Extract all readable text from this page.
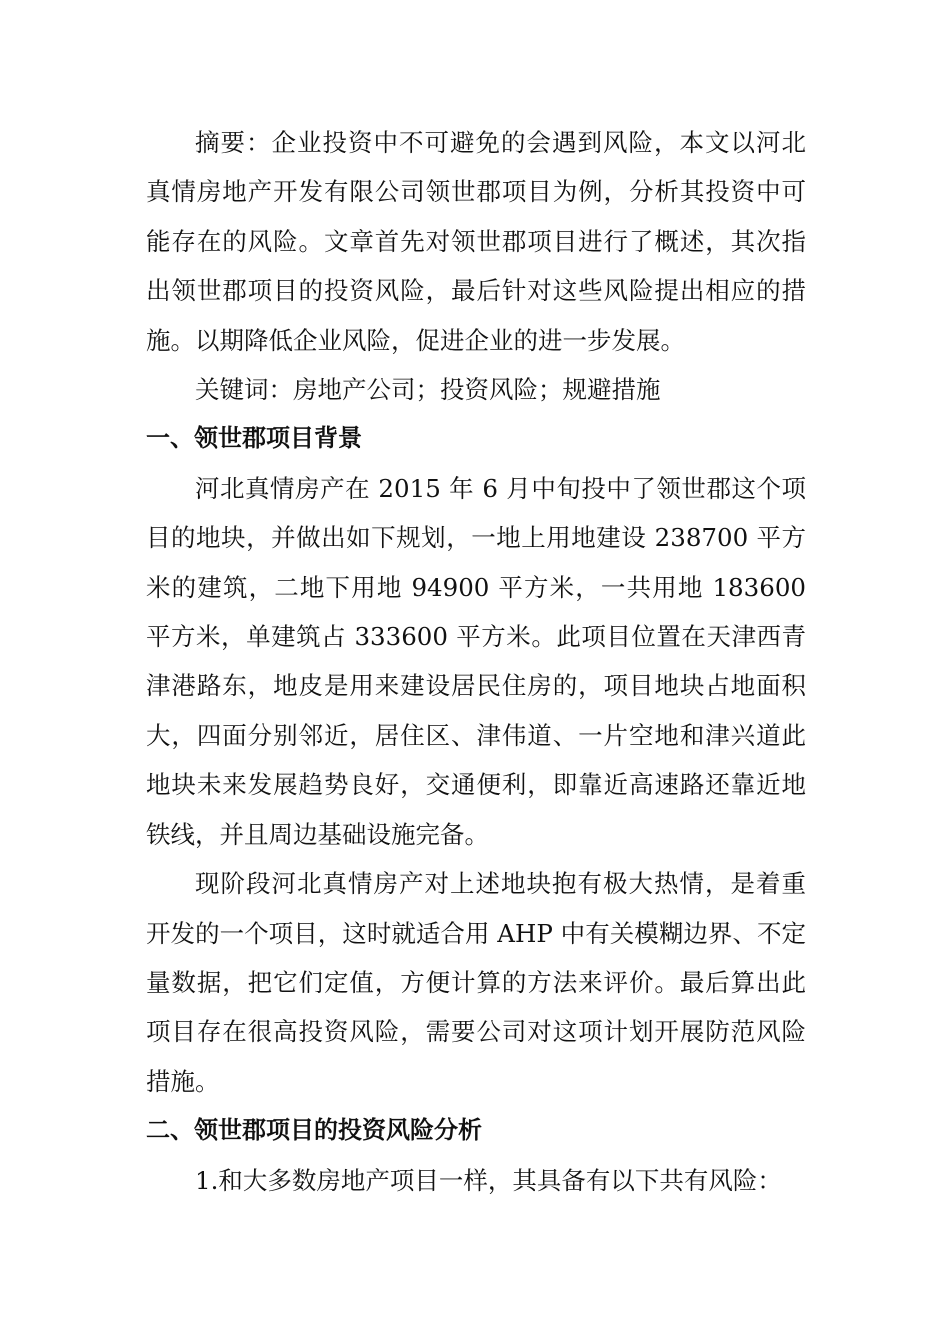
摘要：企业投资中不可避免的会遇到风险，本文以河北真情房地产开发有限公司领世郡项目为例，分析其投资中可能存在的风险。文章首先对领世郡项目进行了概述，其次指出领世郡项目的投资风险，最后针对这些风险提出相应的措施。以期降低企业风险，促进企业的进一步发展。

关键词：房地产公司；投资风险；规避措施

一、领世郡项目背景

河北真情房产在 2015 年 6 月中旬投中了领世郡这个项目的地块，并做出如下规划，一地上用地建设 238700 平方米的建筑，二地下用地 94900 平方米，一共用地 183600 平方米，单建筑占 333600 平方米。此项目位置在天津西青津港路东，地皮是用来建设居民住房的，项目地块占地面积大，四面分别邻近，居住区、津伟道、一片空地和津兴道此地块未来发展趋势良好，交通便利，即靠近高速路还靠近地铁线，并且周边基础设施完备。

现阶段河北真情房产对上述地块抱有极大热情，是着重开发的一个项目，这时就适合用 AHP 中有关模糊边界、不定量数据，把它们定值，方便计算的方法来评价。最后算出此项目存在很高投资风险，需要公司对这项计划开展防范风险措施。

二、领世郡项目的投资风险分析

1.和大多数房地产项目一样，其具备有以下共有风险：
